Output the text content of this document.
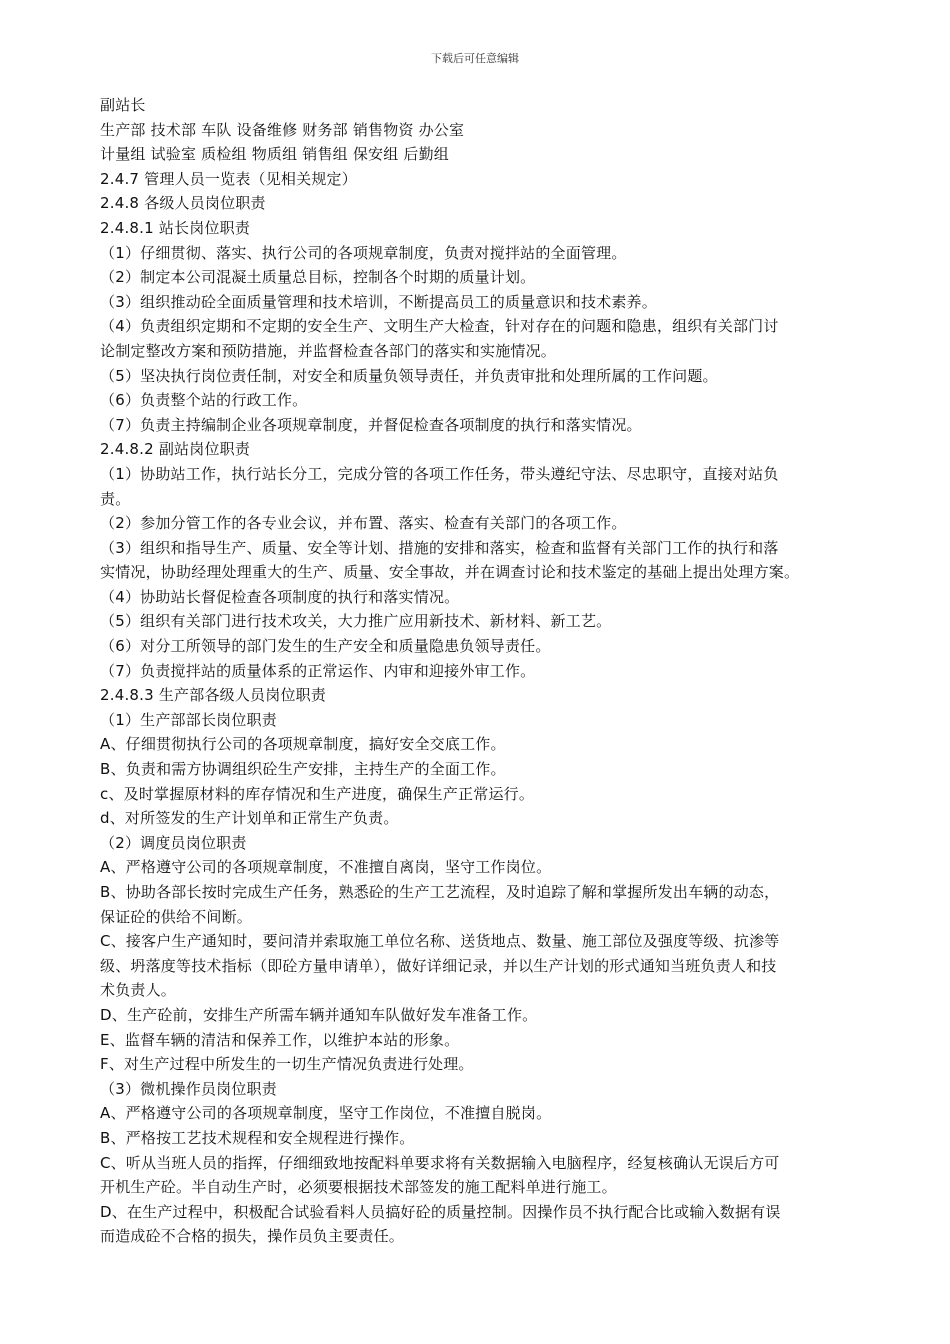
下载后可任意编辑
副站长
生产部 技术部 车队 设备维修 财务部 销售物资 办公室
计量组 试验室 质检组 物质组 销售组 保安组 后勤组
2.4.7 管理人员一览表（见相关规定）
2.4.8 各级人员岗位职责
2.4.8.1 站长岗位职责
（1）仔细贯彻、落实、执行公司的各项规章制度，负责对搅拌站的全面管理。
（2）制定本公司混凝土质量总目标，控制各个时期的质量计划。
（3）组织推动砼全面质量管理和技术培训，不断提高员工的质量意识和技术素养。
（4）负责组织定期和不定期的安全生产、文明生产大检查，针对存在的问题和隐患，组织有关部门讨
论制定整改方案和预防措施，并监督检查各部门的落实和实施情况。
（5）坚决执行岗位责任制，对安全和质量负领导责任，并负责审批和处理所属的工作问题。
（6）负责整个站的行政工作。
（7）负责主持编制企业各项规章制度，并督促检查各项制度的执行和落实情况。
2.4.8.2 副站岗位职责
（1）协助站工作，执行站长分工，完成分管的各项工作任务，带头遵纪守法、尽忠职守，直接对站负
责。
（2）参加分管工作的各专业会议，并布置、落实、检查有关部门的各项工作。
（3）组织和指导生产、质量、安全等计划、措施的安排和落实，检查和监督有关部门工作的执行和落
实情况，协助经理处理重大的生产、质量、安全事故，并在调查讨论和技术鉴定的基础上提出处理方案。
（4）协助站长督促检查各项制度的执行和落实情况。
（5）组织有关部门进行技术攻关，大力推广应用新技术、新材料、新工艺。
（6）对分工所领导的部门发生的生产安全和质量隐患负领导责任。
（7）负责搅拌站的质量体系的正常运作、内审和迎接外审工作。
2.4.8.3 生产部各级人员岗位职责
（1）生产部部长岗位职责
A、仔细贯彻执行公司的各项规章制度，搞好安全交底工作。
B、负责和需方协调组织砼生产安排，主持生产的全面工作。
c、及时掌握原材料的库存情况和生产进度，确保生产正常运行。
d、对所签发的生产计划单和正常生产负责。
（2）调度员岗位职责
A、严格遵守公司的各项规章制度，不准擅自离岗，坚守工作岗位。
B、协助各部长按时完成生产任务，熟悉砼的生产工艺流程，及时追踪了解和掌握所发出车辆的动态，
保证砼的供给不间断。
C、接客户生产通知时，要问清并索取施工单位名称、送货地点、数量、施工部位及强度等级、抗渗等
级、坍落度等技术指标（即砼方量申请单），做好详细记录，并以生产计划的形式通知当班负责人和技
术负责人。
D、生产砼前，安排生产所需车辆并通知车队做好发车准备工作。
E、监督车辆的清洁和保养工作，以维护本站的形象。
F、对生产过程中所发生的一切生产情况负责进行处理。
（3）微机操作员岗位职责
A、严格遵守公司的各项规章制度，坚守工作岗位，不准擅自脱岗。
B、严格按工艺技术规程和安全规程进行操作。
C、听从当班人员的指挥，仔细细致地按配料单要求将有关数据输入电脑程序，经复核确认无误后方可
开机生产砼。半自动生产时，必须要根据技术部签发的施工配料单进行施工。
D、在生产过程中，积极配合试验看料人员搞好砼的质量控制。因操作员不执行配合比或输入数据有误
而造成砼不合格的损失，操作员负主要责任。
